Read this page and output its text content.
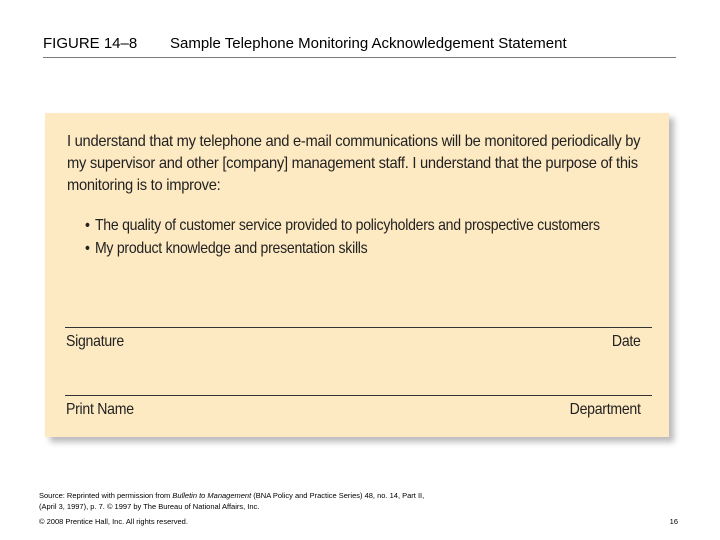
FIGURE 14–8 Sample Telephone Monitoring Acknowledgement Statement
I understand that my telephone and e-mail communications will be monitored periodically by my supervisor and other [company] management staff. I understand that the purpose of this monitoring is to improve:
• The quality of customer service provided to policyholders and prospective customers
• My product knowledge and presentation skills
Signature	Date
Print Name	Department
Source: Reprinted with permission from Bulletin to Management (BNA Policy and Practice Series) 48, no. 14, Part II, (April 3, 1997), p. 7. © 1997 by The Bureau of National Affairs, Inc.
© 2008 Prentice Hall, Inc. All rights reserved.	16
